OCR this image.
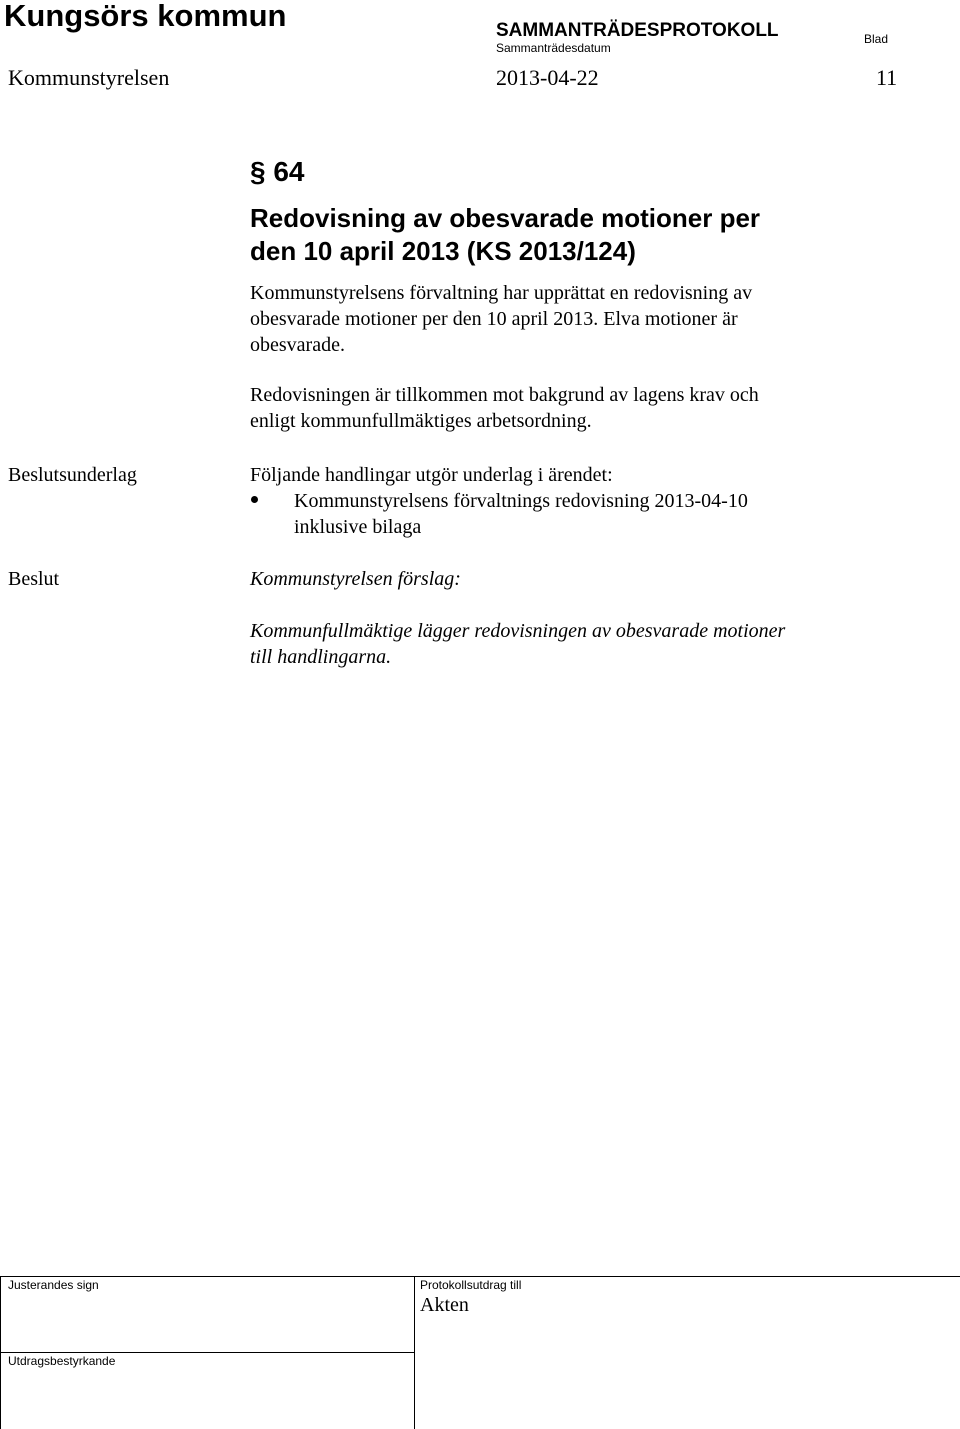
Kungsörs kommun	SAMMANTRÄDESPROTOKOLL
Sammanträdesdatum
Blad
Kommunstyrelsen	2013-04-22	11
§ 64
Redovisning av obesvarade motioner per
den 10 april 2013 (KS 2013/124)
Kommunstyrelsens förvaltning har upprättat en redovisning av
obesvarade motioner per den 10 april 2013. Elva motioner är
obesvarade.
Redovisningen är tillkommen mot bakgrund av lagens krav och
enligt kommunfullmäktiges arbetsordning.
Beslutsunderlag	Följande handlingar utgör underlag i ärendet:
Kommunstyrelsens förvaltnings redovisning 2013-04-10
inklusive bilaga
Beslut	Kommunstyrelsen förslag:
Kommunfullmäktige lägger redovisningen av obesvarade motioner
till handlingarna.
Justerandes sign	Protokollsutdrag till
Akten
Utdragsbestyrkande
